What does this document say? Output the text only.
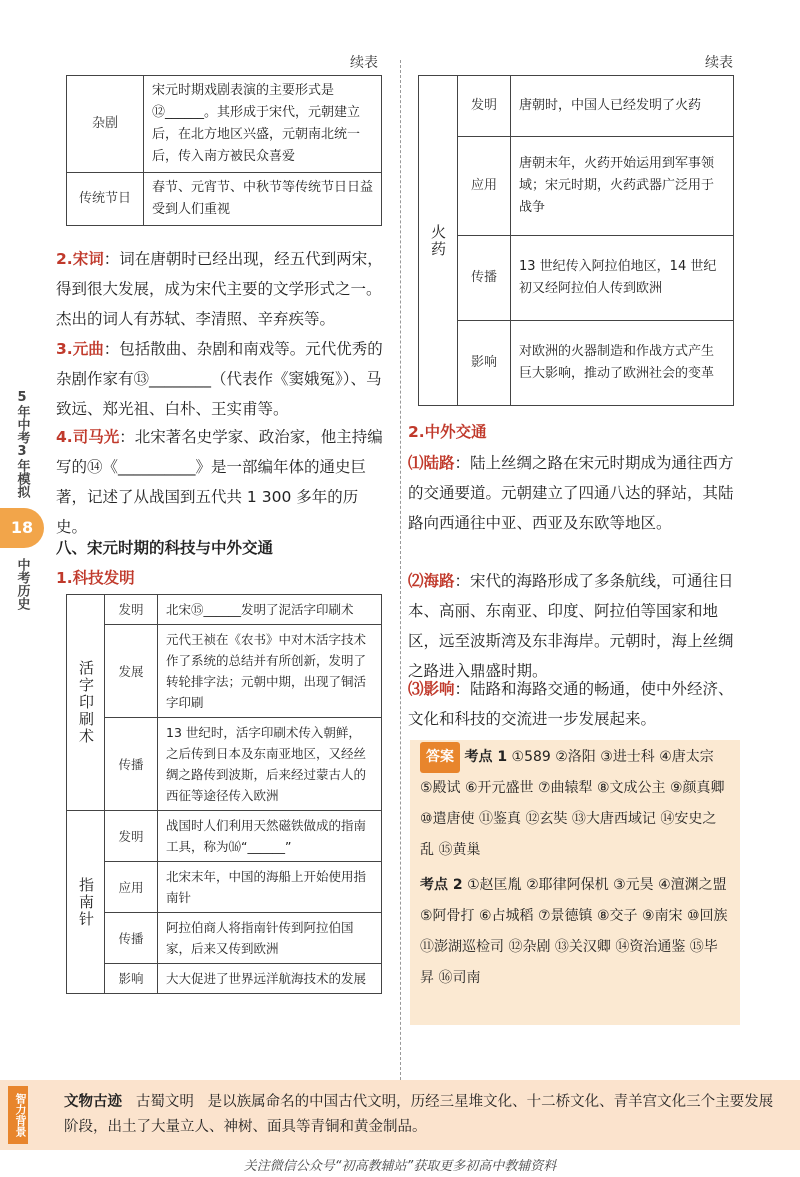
续表	续表
杂剧	宋元时期戏剧表演的主要形式是⑫______。其形成于宋代，元朝建立后，在北方地区兴盛，元朝南北统一后，传入南方被民众喜爱
传统节日	春节、元宵节、中秋节等传统节日日益受到人们重视
2.宋词：词在唐朝时已经出现，经五代到两宋，得到很大发展，成为宋代主要的文学形式之一。杰出的词人有苏轼、李清照、辛弃疾等。
3.元曲：包括散曲、杂剧和南戏等。元代优秀的杂剧作家有⑬________（代表作《窦娥冤》）、马致远、郑光祖、白朴、王实甫等。
4.司马光：北宋著名史学家、政治家，他主持编写的⑭《__________》是一部编年体的通史巨著，记述了从战国到五代共 1 300 多年的历史。
八、宋元时期的科技与中外交通
1.科技发明
活字印刷术	发明	北宋⑮______发明了泥活字印刷术
	发展	元代王祯在《农书》中对木活字技术作了系统的总结并有所创新，发明了转轮排字法；元朝中期，出现了铜活字印刷
	传播	13 世纪时，活字印刷术传入朝鲜，之后传到日本及东南亚地区，又经丝绸之路传到波斯，后来经过蒙古人的西征等途径传入欧洲
指南针	发明	战国时人们利用天然磁铁做成的指南工具，称为⒃“______”
	应用	北宋末年，中国的海船上开始使用指南针
	传播	阿拉伯商人将指南针传到阿拉伯国家，后来又传到欧洲
	影响	大大促进了世界远洋航海技术的发展
火药	发明	唐朝时，中国人已经发明了火药
	应用	唐朝末年，火药开始运用到军事领域；宋元时期，火药武器广泛用于战争
	传播	13 世纪传入阿拉伯地区，14 世纪初又经阿拉伯人传到欧洲
	影响	对欧洲的火器制造和作战方式产生巨大影响，推动了欧洲社会的变革
2.中外交通
⑴陆路：陆上丝绸之路在宋元时期成为通往西方的交通要道。元朝建立了四通八达的驿站，其陆路向西通往中亚、西亚及东欧等地区。
⑵海路：宋代的海路形成了多条航线，可通往日本、高丽、东南亚、印度、阿拉伯等国家和地区，远至波斯湾及东非海岸。元朝时，海上丝绸之路进入鼎盛时期。
⑶影响：陆路和海路交通的畅通，使中外经济、文化和科技的交流进一步发展起来。
答案 考点 1 ①589 ②洛阳 ③进士科 ④唐太宗 ⑤殿试 ⑥开元盛世 ⑦曲辕犁 ⑧文成公主 ⑨颜真卿 ⑩遣唐使 ⑪鉴真 ⑫玄奘 ⑬大唐西域记 ⑭安史之乱 ⑮黄巢
考点 2 ①赵匡胤 ②耶律阿保机 ③元昊 ④澶渊之盟 ⑤阿骨打 ⑥占城稻 ⑦景德镇 ⑧交子 ⑨南宋 ⑩回族 ⑪澎湖巡检司 ⑫杂剧 ⑬关汉卿 ⑭资治通鉴 ⑮毕昇 ⑯司南
5年中考3年模拟
18
中考历史
智力背景	文物古迹 古蜀文明 是以族属命名的中国古代文明，历经三星堆文化、十二桥文化、青羊宫文化三个主要发展阶段，出土了大量立人、神树、面具等青铜和黄金制品。
关注微信公众号“初高教辅站”获取更多初高中教辅资料
